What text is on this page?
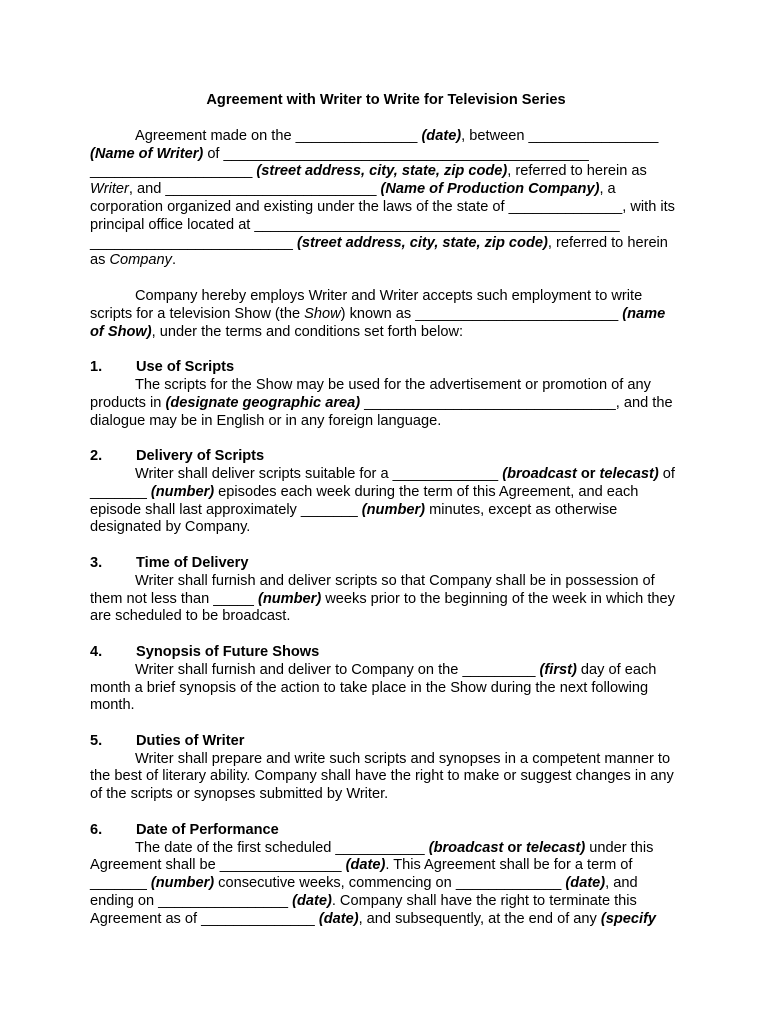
Agreement with Writer to Write for Television Series

Agreement made on the _______________ (date), between ________________ (Name of Writer) of _____________________________________________ ____________________ (street address, city, state, zip code), referred to herein as Writer, and __________________________ (Name of Production Company), a corporation organized and existing under the laws of the state of ______________, with its principal office located at _____________________________________________ _________________________ (street address, city, state, zip code), referred to herein as Company.

Company hereby employs Writer and Writer accepts such employment to write scripts for a television Show (the Show) known as _________________________ (name of Show), under the terms and conditions set forth below:

1. Use of Scripts

The scripts for the Show may be used for the advertisement or promotion of any products in (designate geographic area) _______________________________, and the dialogue may be in English or in any foreign language.

2. Delivery of Scripts

Writer shall deliver scripts suitable for a _____________ (broadcast or telecast) of _______ (number) episodes each week during the term of this Agreement, and each episode shall last approximately _______ (number) minutes, except as otherwise designated by Company.

3. Time of Delivery

Writer shall furnish and deliver scripts so that Company shall be in possession of them not less than _____ (number) weeks prior to the beginning of the week in which they are scheduled to be broadcast.

4. Synopsis of Future Shows

Writer shall furnish and deliver to Company on the _________ (first) day of each month a brief synopsis of the action to take place in the Show during the next following month.

5. Duties of Writer

Writer shall prepare and write such scripts and synopses in a competent manner to the best of literary ability. Company shall have the right to make or suggest changes in any of the scripts or synopses submitted by Writer.

6. Date of Performance

The date of the first scheduled ___________ (broadcast or telecast) under this Agreement shall be _______________ (date). This Agreement shall be for a term of _______ (number) consecutive weeks, commencing on _____________ (date), and ending on ________________ (date). Company shall have the right to terminate this Agreement as of ______________ (date), and subsequently, at the end of any (specify
